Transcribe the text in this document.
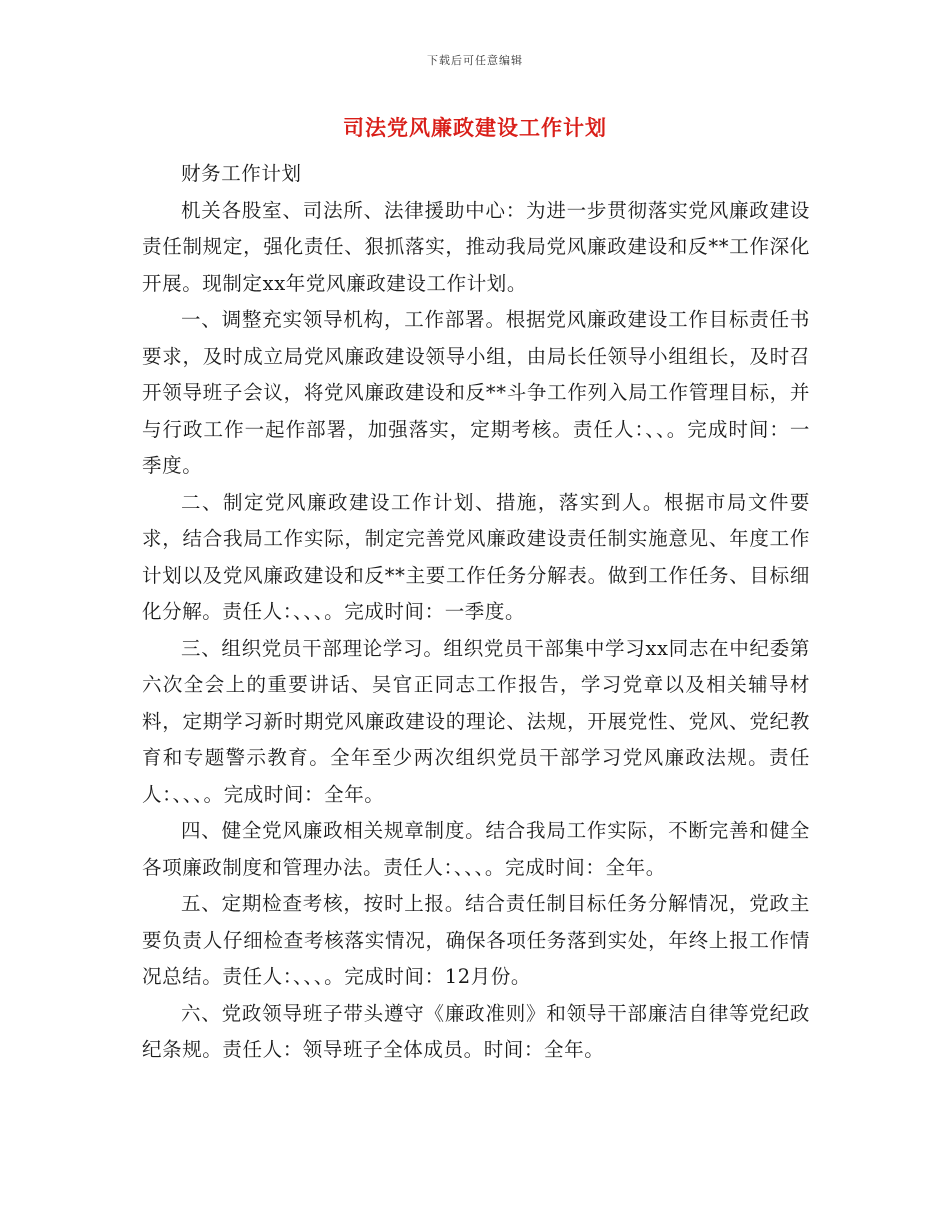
下载后可任意编辑
司法党风廉政建设工作计划

财务工作计划

机关各股室、司法所、法律援助中心：为进一步贯彻落实党风廉政建设责任制规定，强化责任、狠抓落实，推动我局党风廉政建设和反**工作深化开展。现制定xx年党风廉政建设工作计划。

一、调整充实领导机构，工作部署。根据党风廉政建设工作目标责任书要求，及时成立局党风廉政建设领导小组，由局长任领导小组组长，及时召开领导班子会议，将党风廉政建设和反**斗争工作列入局工作管理目标，并与行政工作一起作部署，加强落实，定期考核。责任人：、、。完成时间：一季度。

二、制定党风廉政建设工作计划、措施，落实到人。根据市局文件要求，结合我局工作实际，制定完善党风廉政建设责任制实施意见、年度工作计划以及党风廉政建设和反**主要工作任务分解表。做到工作任务、目标细化分解。责任人：、、、。完成时间：一季度。

三、组织党员干部理论学习。组织党员干部集中学习xx同志在中纪委第六次全会上的重要讲话、吴官正同志工作报告，学习党章以及相关辅导材料，定期学习新时期党风廉政建设的理论、法规，开展党性、党风、党纪教育和专题警示教育。全年至少两次组织党员干部学习党风廉政法规。责任人：、、、。完成时间：全年。

四、健全党风廉政相关规章制度。结合我局工作实际，不断完善和健全各项廉政制度和管理办法。责任人：、、、。完成时间：全年。

五、定期检查考核，按时上报。结合责任制目标任务分解情况，党政主要负责人仔细检查考核落实情况，确保各项任务落到实处，年终上报工作情况总结。责任人：、、、。完成时间：12月份。

六、党政领导班子带头遵守《廉政准则》和领导干部廉洁自律等党纪政纪条规。责任人：领导班子全体成员。时间：全年。
